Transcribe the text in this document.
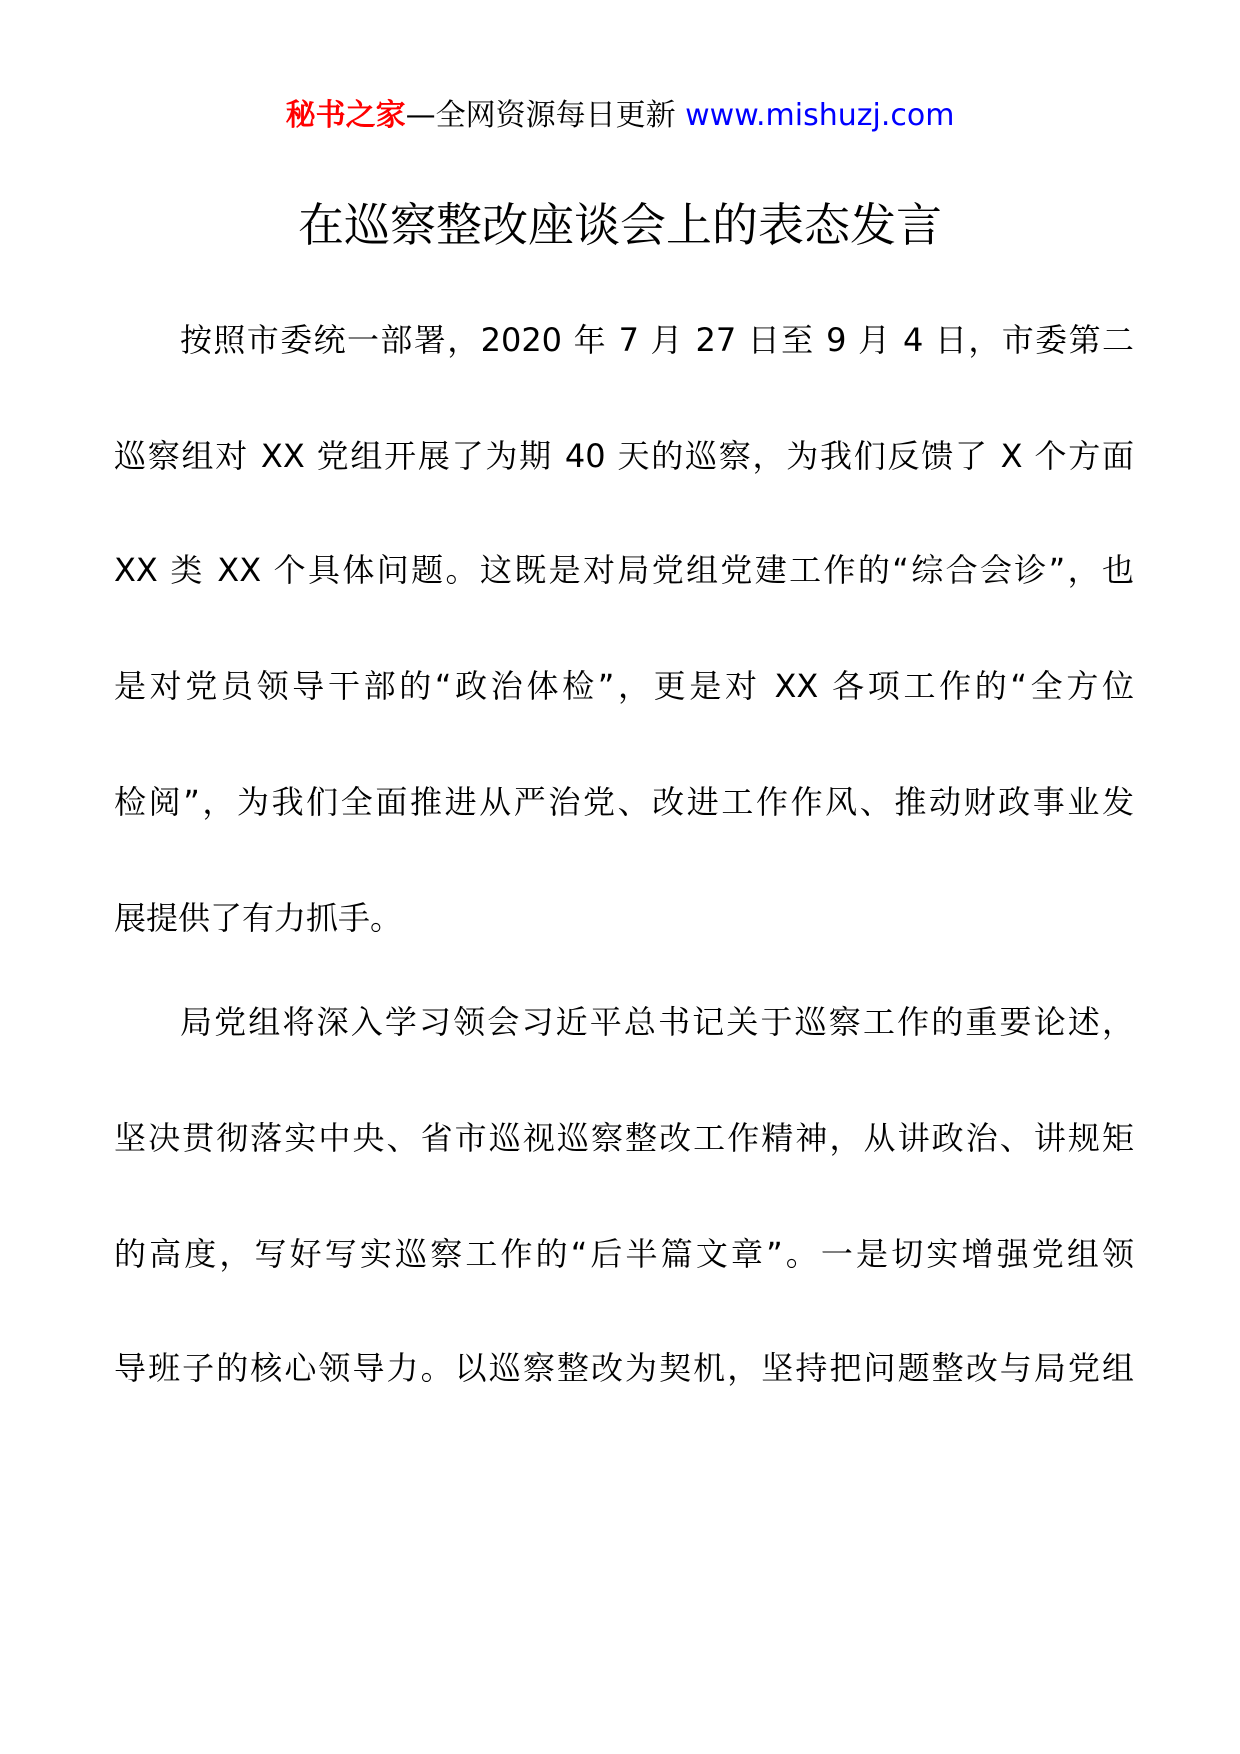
秘书之家—全网资源每日更新 www.mishuzj.com
在巡察整改座谈会上的表态发言
按照市委统一部署，2020 年 7 月 27 日至 9 月 4 日，市委第二
巡察组对 XX 党组开展了为期 40 天的巡察，为我们反馈了 X 个方面
XX 类 XX 个具体问题。这既是对局党组党建工作的“综合会诊”，也
是对党员领导干部的“政治体检”，更是对 XX 各项工作的“全方位
检阅”，为我们全面推进从严治党、改进工作作风、推动财政事业发
展提供了有力抓手。
局党组将深入学习领会习近平总书记关于巡察工作的重要论述，
坚决贯彻落实中央、省市巡视巡察整改工作精神，从讲政治、讲规矩
的高度，写好写实巡察工作的“后半篇文章”。一是切实增强党组领
导班子的核心领导力。以巡察整改为契机，坚持把问题整改与局党组
